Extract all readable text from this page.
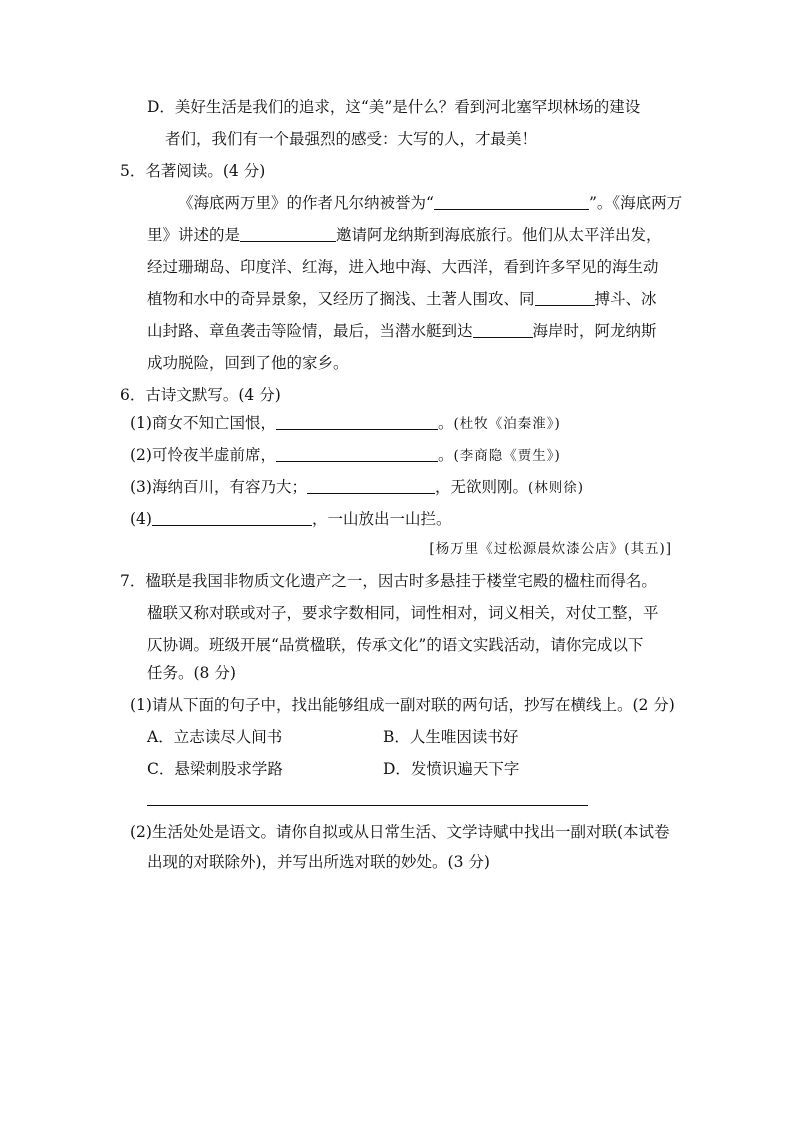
D．美好生活是我们的追求，这“美”是什么？看到河北塞罕坝林场的建设
者们，我们有一个最强烈的感受：大写的人，才最美！
5．名著阅读。(4 分)
《海底两万里》的作者凡尔纳被誉为“	”。《海底两万
里》讲述的是	邀请阿龙纳斯到海底旅行。他们从太平洋出发，
经过珊瑚岛、印度洋、红海，进入地中海、大西洋，看到许多罕见的海生动
植物和水中的奇异景象，又经历了搁浅、土著人围攻、同	搏斗、冰
山封路、章鱼袭击等险情，最后，当潜水艇到达	海岸时，阿龙纳斯
成功脱险，回到了他的家乡。
6．古诗文默写。(4 分)
(1)商女不知亡国恨，	。(杜牧《泊秦淮》)
(2)可怜夜半虚前席，	。(李商隐《贾生》)
(3)海纳百川，有容乃大；	，无欲则刚。(林则徐)
(4)	，一山放出一山拦。
[杨万里《过松源晨炊漆公店》(其五)]
7．楹联是我国非物质文化遗产之一，因古时多悬挂于楼堂宅殿的楹柱而得名。
楹联又称对联或对子，要求字数相同，词性相对，词义相关，对仗工整，平
仄协调。班级开展“品赏楹联，传承文化”的语文实践活动，请你完成以下
任务。(8 分)
(1)请从下面的句子中，找出能够组成一副对联的两句话，抄写在横线上。(2 分)
A．立志读尽人间书	B．人生唯因读书好
C．悬梁刺股求学路	D．发愤识遍天下字
(2)生活处处是语文。请你自拟或从日常生活、文学诗赋中找出一副对联(本试卷
出现的对联除外)，并写出所选对联的妙处。(3 分)
